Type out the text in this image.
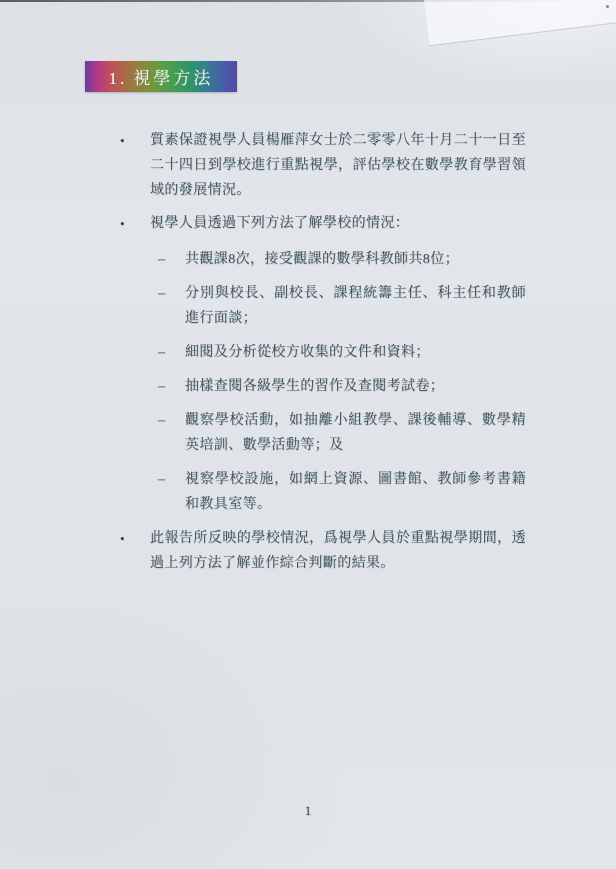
1. 視學方法
•	質素保證視學人員楊雁萍女士於二零零八年十月二十一日至二十四日到學校進行重點視學，評估學校在數學教育學習領域的發展情況。
•	視學人員透過下列方法了解學校的情況：
–	共觀課8次，接受觀課的數學科教師共8位；
–	分別與校長、副校長、課程統籌主任、科主任和教師進行面談；
–	細閱及分析從校方收集的文件和資料；
–	抽樣查閱各級學生的習作及查閱考試卷；
–	觀察學校活動，如抽離小組教學、課後輔導、數學精英培訓、數學活動等；及
–	視察學校設施，如網上資源、圖書館、教師參考書籍和教具室等。
•	此報告所反映的學校情況，爲視學人員於重點視學期間，透過上列方法了解並作綜合判斷的結果。
1
